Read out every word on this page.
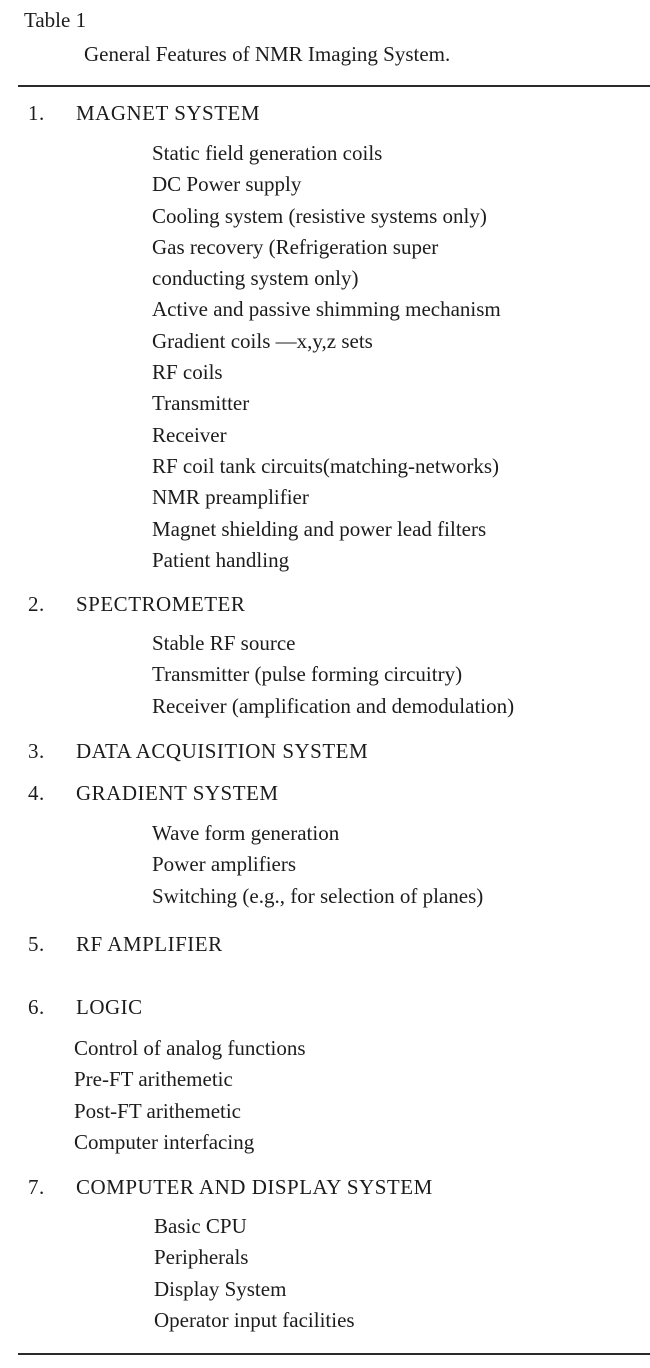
Table 1
General Features of NMR Imaging System.
1. MAGNET SYSTEM
Static field generation coils
DC Power supply
Cooling system (resistive systems only)
Gas recovery (Refrigeration super
conducting system only)
Active and passive shimming mechanism
Gradient coils —x,y,z sets
RF coils
Transmitter
Receiver
RF coil tank circuits(matching-networks)
NMR preamplifier
Magnet shielding and power lead filters
Patient handling
2. SPECTROMETER
Stable RF source
Transmitter (pulse forming circuitry)
Receiver (amplification and demodulation)
3. DATA ACQUISITION SYSTEM
4. GRADIENT SYSTEM
Wave form generation
Power amplifiers
Switching (e.g., for selection of planes)
5. RF AMPLIFIER
6. LOGIC
Control of analog functions
Pre-FT arithemetic
Post-FT arithemetic
Computer interfacing
7. COMPUTER AND DISPLAY SYSTEM
Basic CPU
Peripherals
Display System
Operator input facilities
